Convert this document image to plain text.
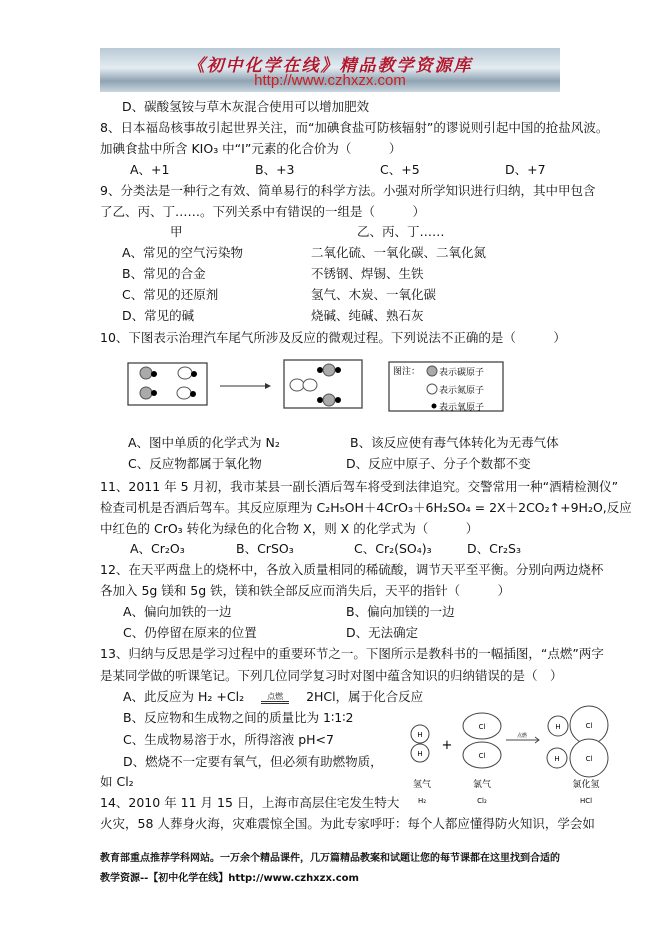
《初中化学在线》精品教学资源库
http://www.czhxzx.com
D、碳酸氢铵与草木灰混合使用可以增加肥效
8、日本福岛核事故引起世界关注，而“加碘食盐可防核辐射”的谬说则引起中国的抢盐风波。
加碘食盐中所含 KIO₃ 中“I”元素的化合价为（　　　）
A、+1	B、+3	C、+5	D、+7
9、分类法是一种行之有效、简单易行的科学方法。小强对所学知识进行归纳，其中甲包含
了乙、丙、丁……。下列关系中有错误的一组是（　　　）
甲	乙、丙、丁……
A、常见的空气污染物	二氧化硫、一氧化碳、二氧化氮
B、常见的合金	不锈钢、焊锡、生铁
C、常见的还原剂	氢气、木炭、一氧化碳
D、常见的碱	烧碱、纯碱、熟石灰
10、下图表示治理汽车尾气所涉及反应的微观过程。下列说法不正确的是（　　　）
图注： 表示碳原子
表示氮原子
表示氧原子
A、图中单质的化学式为 N₂	B、该反应使有毒气体转化为无毒气体
C、反应物都属于氧化物	D、反应中原子、分子个数都不变
11、2011 年 5 月初，我市某县一副长酒后驾车将受到法律追究。交警常用一种“酒精检测仪”
检查司机是否酒后驾车。其反应原理为 C₂H₅OH＋4CrO₃＋6H₂SO₄ = 2X＋2CO₂↑+9H₂O,反应
中红色的 CrO₃ 转化为绿色的化合物 X，则 X 的化学式为（　　　）
A、Cr₂O₃	B、CrSO₃	C、Cr₂(SO₄)₃	D、Cr₂S₃
12、在天平两盘上的烧杯中，各放入质量相同的稀硫酸，调节天平至平衡。分别向两边烧杯
各加入 5g 镁和 5g 铁，镁和铁全部反应而消失后，天平的指针（　　　）
A、偏向加铁的一边	B、偏向加镁的一边
C、仍停留在原来的位置	D、无法确定
13、归纳与反思是学习过程中的重要环节之一。下图所示是教科书的一幅插图，“点燃”两字
是某同学做的听课笔记。下列几位同学复习时对图中蕴含知识的归纳错误的是（　）
A、此反应为 H₂ +Cl₂	点燃 2HCl，属于化合反应
B、反应物和生成物之间的质量比为 1∶1∶2
C、生成物易溶于水，所得溶液 pH<7
D、燃烧不一定要有氧气，但必须有助燃物质，
如 Cl₂
H
H
+
Cl
Cl
点燃
H	Cl
H	Cl
氢气	氯气	氯化氢
H₂	Cl₂	HCl
14、2010 年 11 月 15 日，上海市高层住宅发生特大
火灾，58 人葬身火海，灾难震惊全国。为此专家呼吁：每个人都应懂得防火知识，学会如
教育部重点推荐学科网站。一万余个精品课件，几万篇精品教案和试题让您的每节课都在这里找到合适的
教学资源--【初中化学在线】http://www.czhxzx.com
